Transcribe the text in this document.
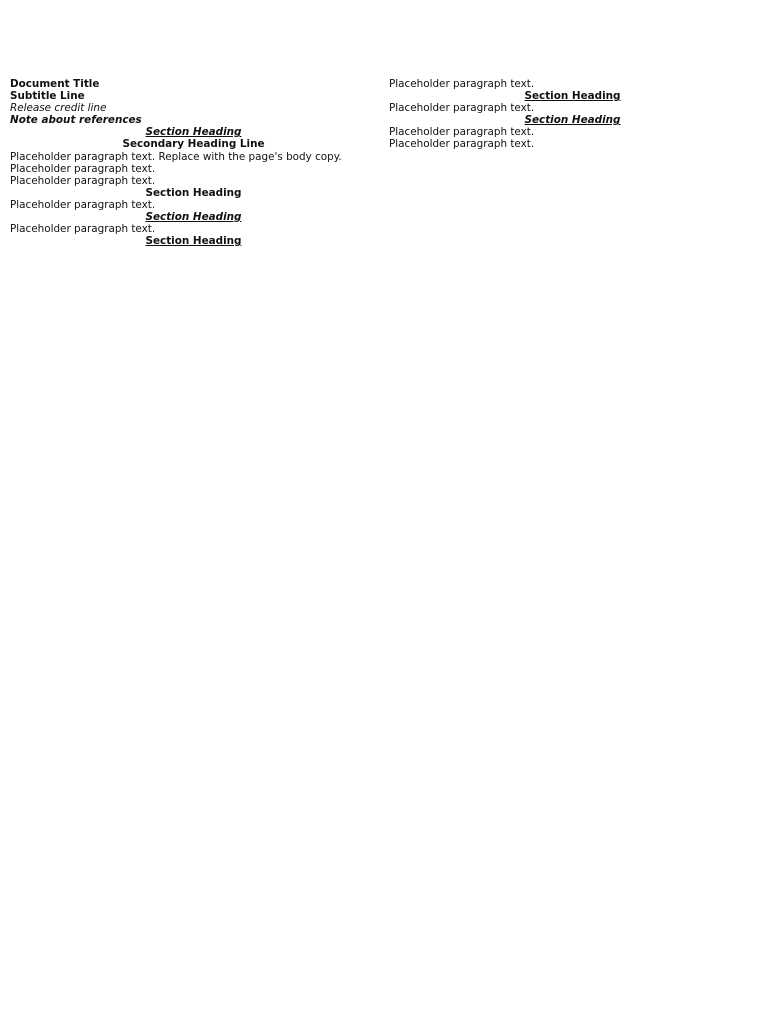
Document Title

Subtitle Line

Release credit line

Note about references

Section Heading

Secondary Heading Line

Placeholder paragraph text. Replace with the page's body copy.

Placeholder paragraph text.

Placeholder paragraph text.

Section Heading

Placeholder paragraph text.

Section Heading

Placeholder paragraph text.

Section Heading

Placeholder paragraph text.

Section Heading

Placeholder paragraph text.

Section Heading

Placeholder paragraph text.

Placeholder paragraph text.
